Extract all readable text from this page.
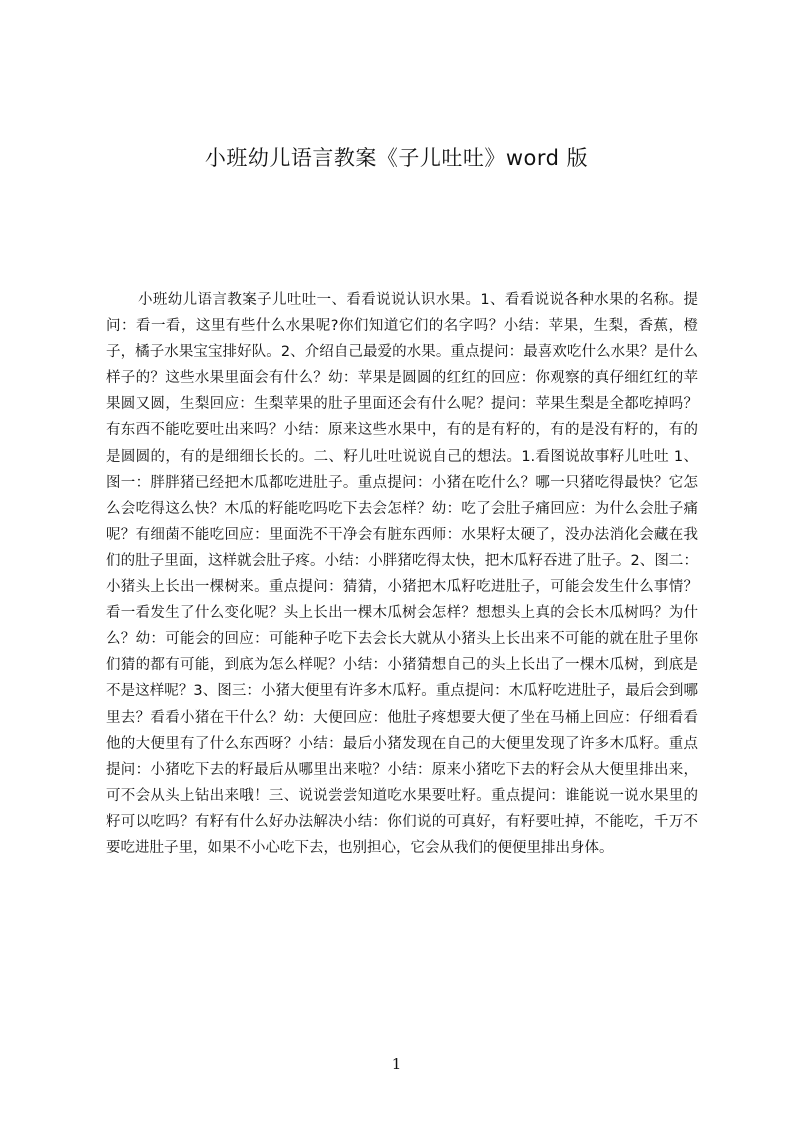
小班幼儿语言教案《子儿吐吐》word 版
小班幼儿语言教案子儿吐吐一、看看说说认识水果。1、看看说说各种水果的名称。提问：看一看，这里有些什么水果呢?你们知道它们的名字吗？小结：苹果，生梨，香蕉，橙子，橘子水果宝宝排好队。2、介绍自己最爱的水果。重点提问：最喜欢吃什么水果？是什么样子的？这些水果里面会有什么？幼：苹果是圆圆的红红的回应：你观察的真仔细红红的苹果圆又圆，生梨回应：生梨苹果的肚子里面还会有什么呢？提问：苹果生梨是全都吃掉吗？有东西不能吃要吐出来吗？小结：原来这些水果中，有的是有籽的，有的是没有籽的，有的是圆圆的，有的是细细长长的。二、籽儿吐吐说说自己的想法。1.看图说故事籽儿吐吐 1、图一：胖胖猪已经把木瓜都吃进肚子。重点提问：小猪在吃什么？哪一只猪吃得最快？它怎么会吃得这么快？木瓜的籽能吃吗吃下去会怎样？幼：吃了会肚子痛回应：为什么会肚子痛呢？有细菌不能吃回应：里面洗不干净会有脏东西师：水果籽太硬了，没办法消化会藏在我们的肚子里面，这样就会肚子疼。小结：小胖猪吃得太快，把木瓜籽吞进了肚子。2、图二：小猪头上长出一棵树来。重点提问：猜猜，小猪把木瓜籽吃进肚子，可能会发生什么事情？看一看发生了什么变化呢？头上长出一棵木瓜树会怎样？想想头上真的会长木瓜树吗？为什么？幼：可能会的回应：可能种子吃下去会长大就从小猪头上长出来不可能的就在肚子里你们猜的都有可能，到底为怎么样呢？小结：小猪猜想自己的头上长出了一棵木瓜树，到底是不是这样呢？3、图三：小猪大便里有许多木瓜籽。重点提问：木瓜籽吃进肚子，最后会到哪里去？看看小猪在干什么？幼：大便回应：他肚子疼想要大便了坐在马桶上回应：仔细看看他的大便里有了什么东西呀？小结：最后小猪发现在自己的大便里发现了许多木瓜籽。重点提问：小猪吃下去的籽最后从哪里出来啦？小结：原来小猪吃下去的籽会从大便里排出来，可不会从头上钻出来哦！三、说说尝尝知道吃水果要吐籽。重点提问：谁能说一说水果里的籽可以吃吗？有籽有什么好办法解决小结：你们说的可真好，有籽要吐掉，不能吃，千万不要吃进肚子里，如果不小心吃下去，也别担心，它会从我们的便便里排出身体。
1
